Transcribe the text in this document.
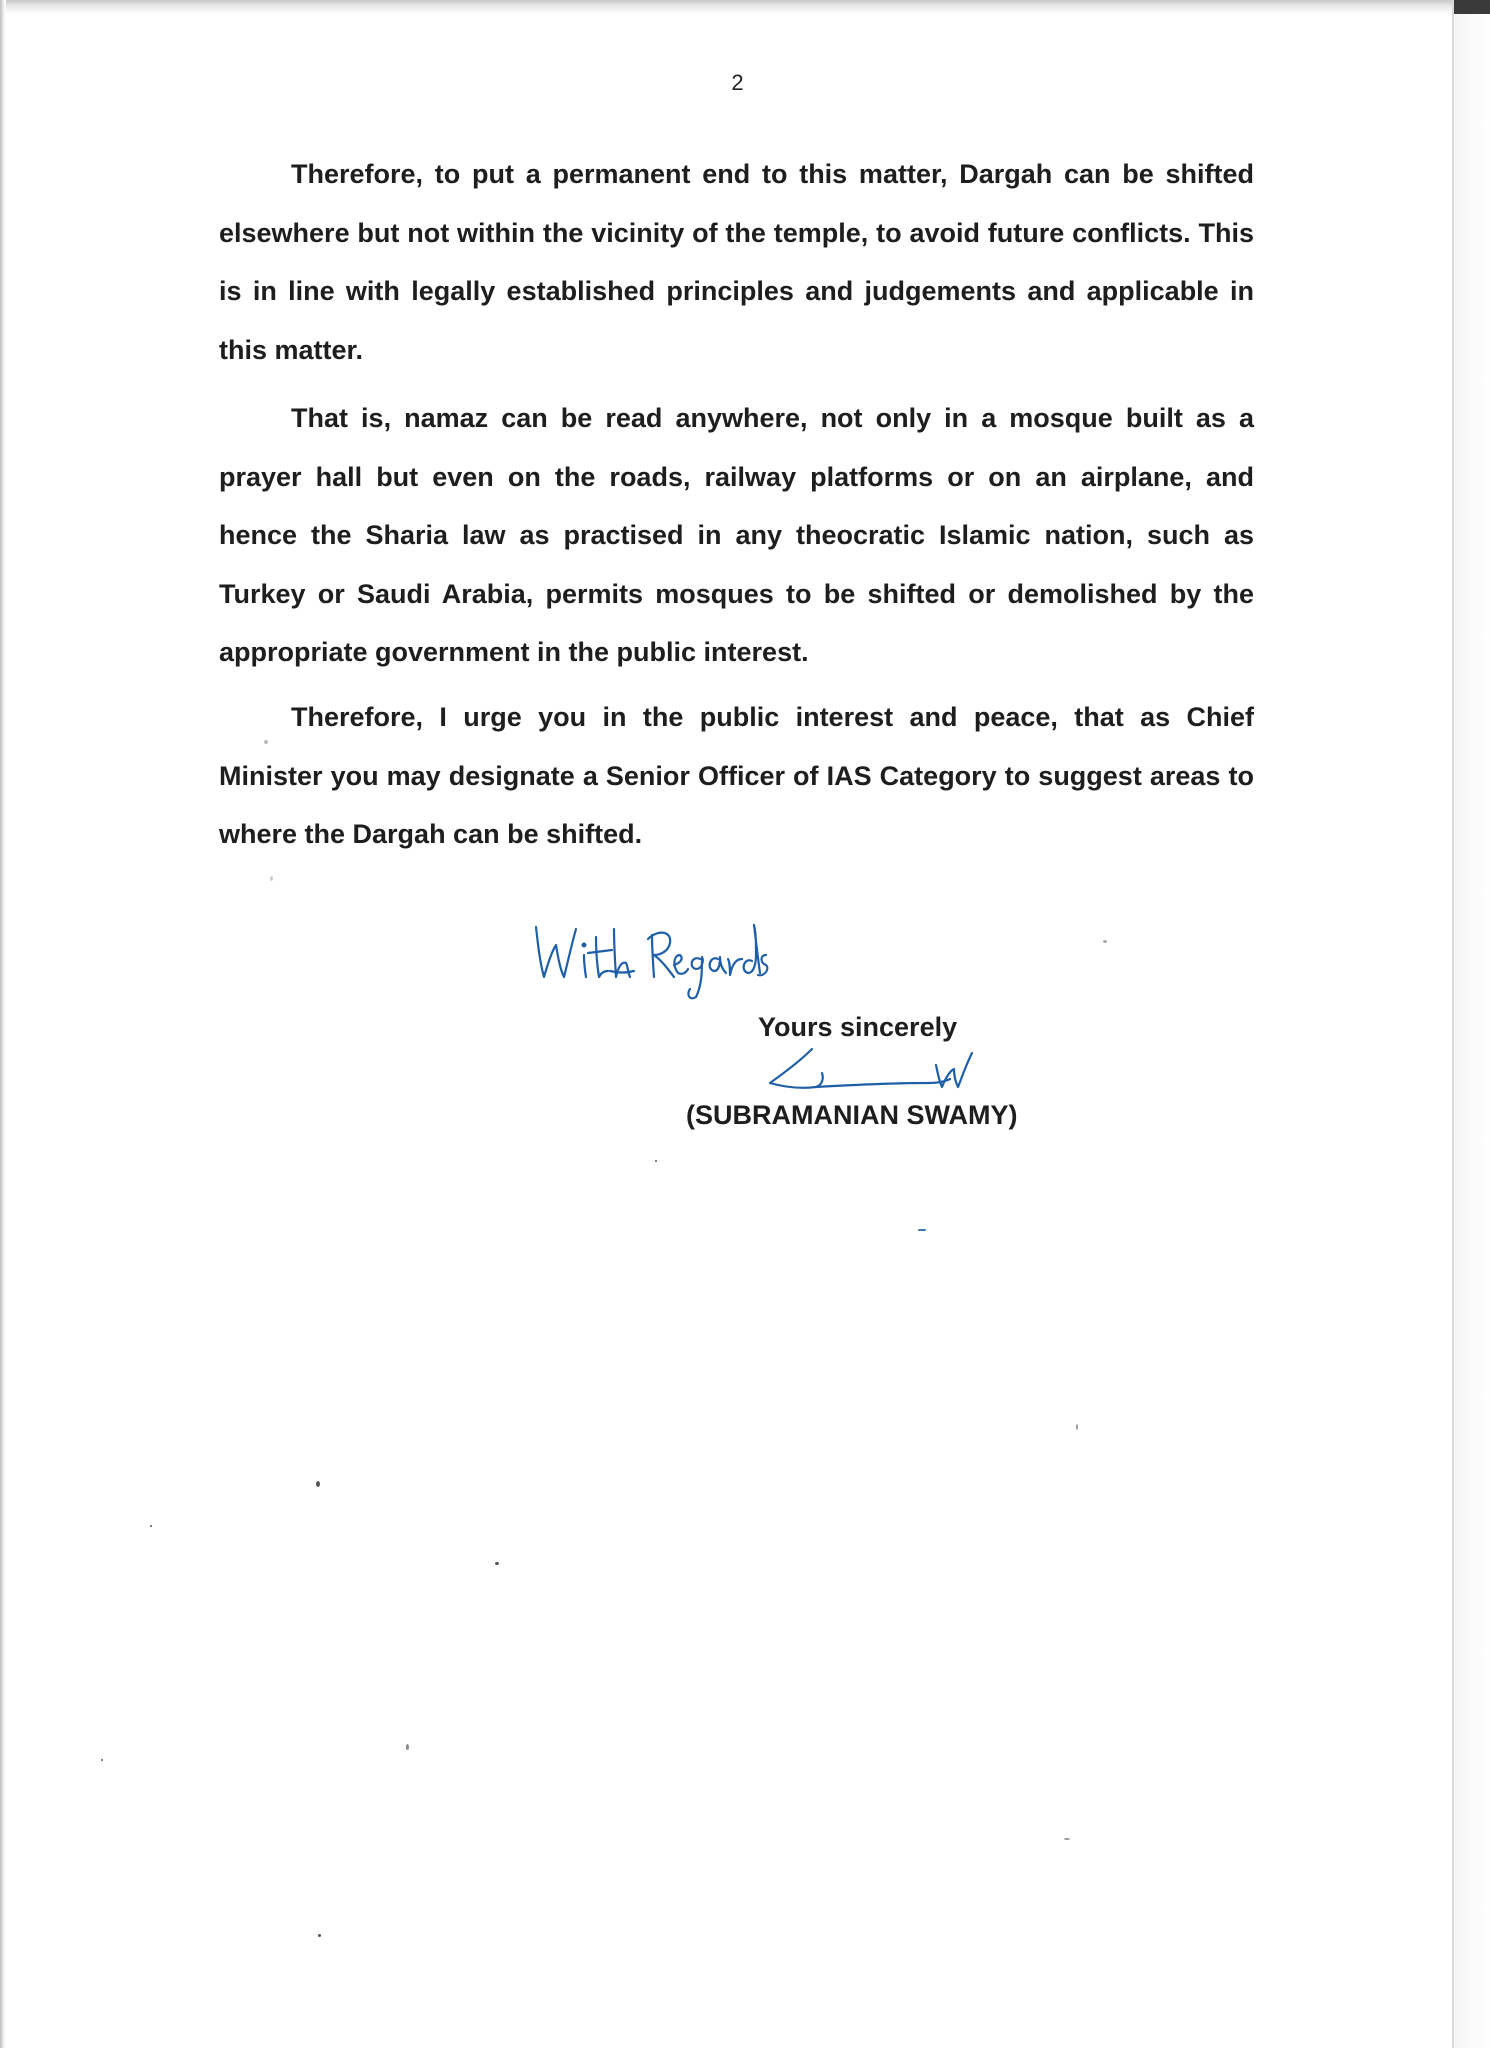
2

Therefore, to put a permanent end to this matter, Dargah can be shifted elsewhere but not within the vicinity of the temple, to avoid future conflicts. This is in line with legally established principles and judgements and applicable in this matter.

That is, namaz can be read anywhere, not only in a mosque built as a prayer hall but even on the roads, railway platforms or on an airplane, and hence the Sharia law as practised in any theocratic Islamic nation, such as Turkey or Saudi Arabia, permits mosques to be shifted or demolished by the appropriate government in the public interest.

Therefore, I urge you in the public interest and peace, that as Chief Minister you may designate a Senior Officer of IAS Category to suggest areas to where the Dargah can be shifted.

Yours sincerely
(SUBRAMANIAN SWAMY)
